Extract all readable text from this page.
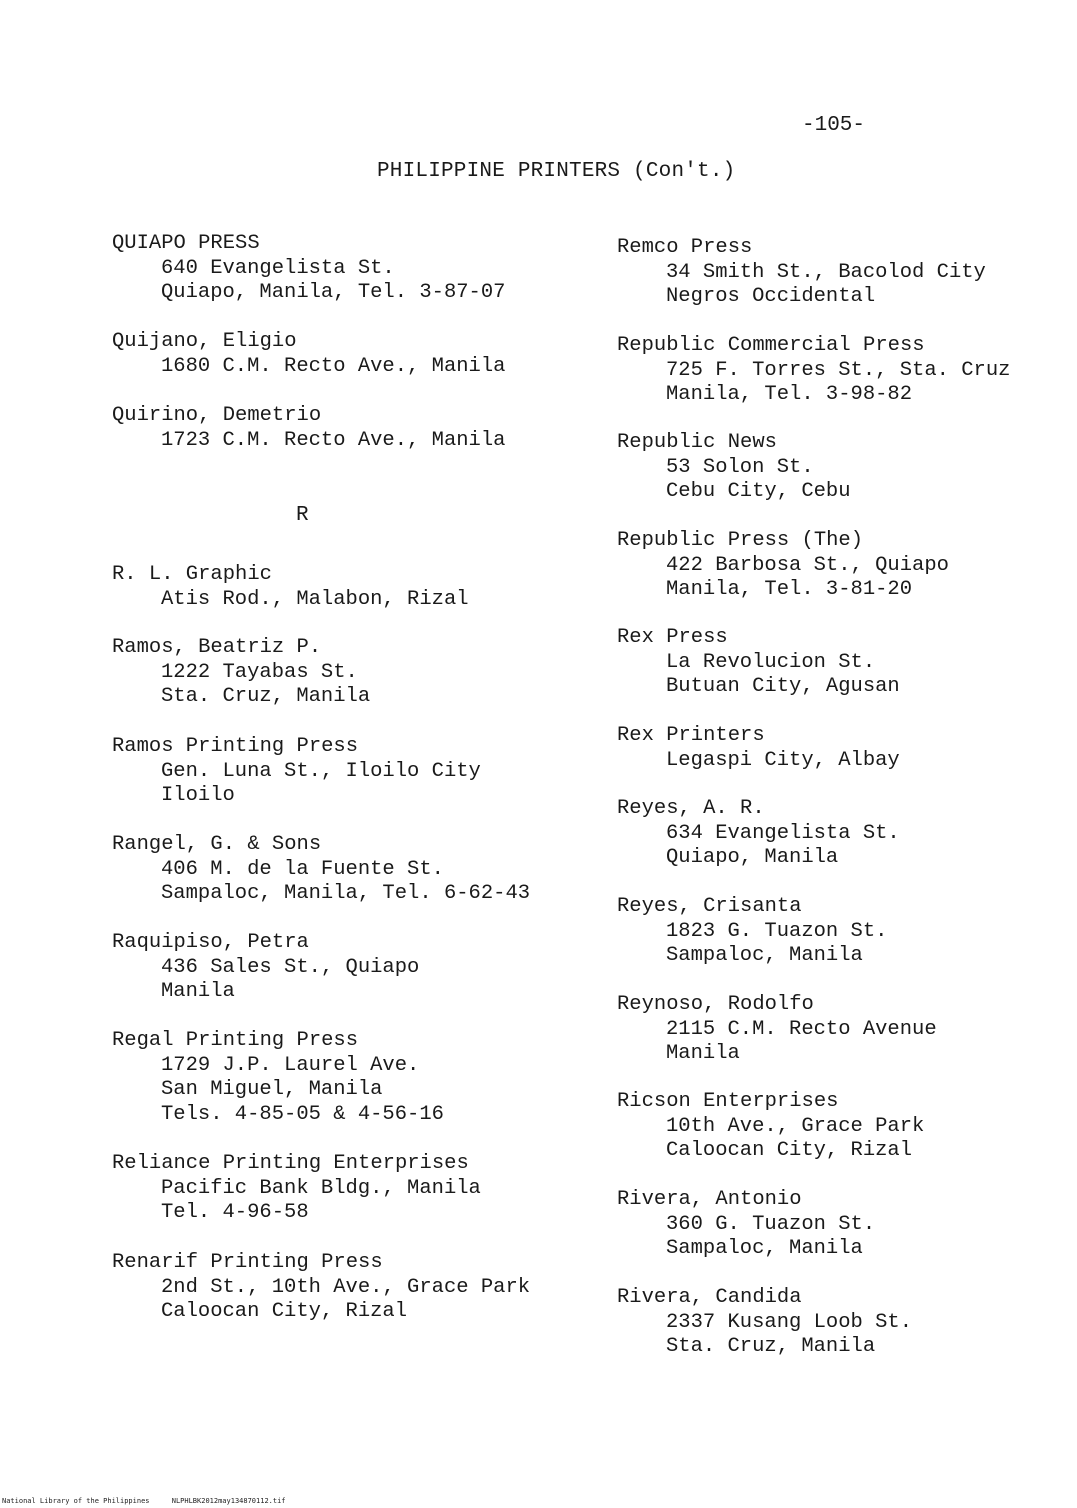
-105-
PHILIPPINE PRINTERS (Con't.)
QUIAPO PRESS
640 Evangelista St.
Quiapo, Manila, Tel. 3-87-07
Quijano, Eligio
1680 C.M. Recto Ave., Manila
Quirino, Demetrio
1723 C.M. Recto Ave., Manila
R. L. Graphic
Atis Rod., Malabon, Rizal
Ramos, Beatriz P.
1222 Tayabas St.
Sta. Cruz, Manila
Ramos Printing Press
Gen. Luna St., Iloilo City
Iloilo
Rangel, G. & Sons
406 M. de la Fuente St.
Sampaloc, Manila, Tel. 6-62-43
Raquipiso, Petra
436 Sales St., Quiapo
Manila
Regal Printing Press
1729 J.P. Laurel Ave.
San Miguel, Manila
Tels. 4-85-05 & 4-56-16
Reliance Printing Enterprises
Pacific Bank Bldg., Manila
Tel. 4-96-58
Renarif Printing Press
2nd St., 10th Ave., Grace Park
Caloocan City, Rizal
R
Remco Press
34 Smith St., Bacolod City
Negros Occidental
Republic Commercial Press
725 F. Torres St., Sta. Cruz
Manila, Tel. 3-98-82
Republic News
53 Solon St.
Cebu City, Cebu
Republic Press (The)
422 Barbosa St., Quiapo
Manila, Tel. 3-81-20
Rex Press
La Revolucion St.
Butuan City, Agusan
Rex Printers
Legaspi City, Albay
Reyes, A. R.
634 Evangelista St.
Quiapo, Manila
Reyes, Crisanta
1823 G. Tuazon St.
Sampaloc, Manila
Reynoso, Rodolfo
2115 C.M. Recto Avenue
Manila
Ricson Enterprises
10th Ave., Grace Park
Caloocan City, Rizal
Rivera, Antonio
360 G. Tuazon St.
Sampaloc, Manila
Rivera, Candida
2337 Kusang Loob St.
Sta. Cruz, Manila
National Library of the Philippines	NLPHLBK2012may134870112.tif
